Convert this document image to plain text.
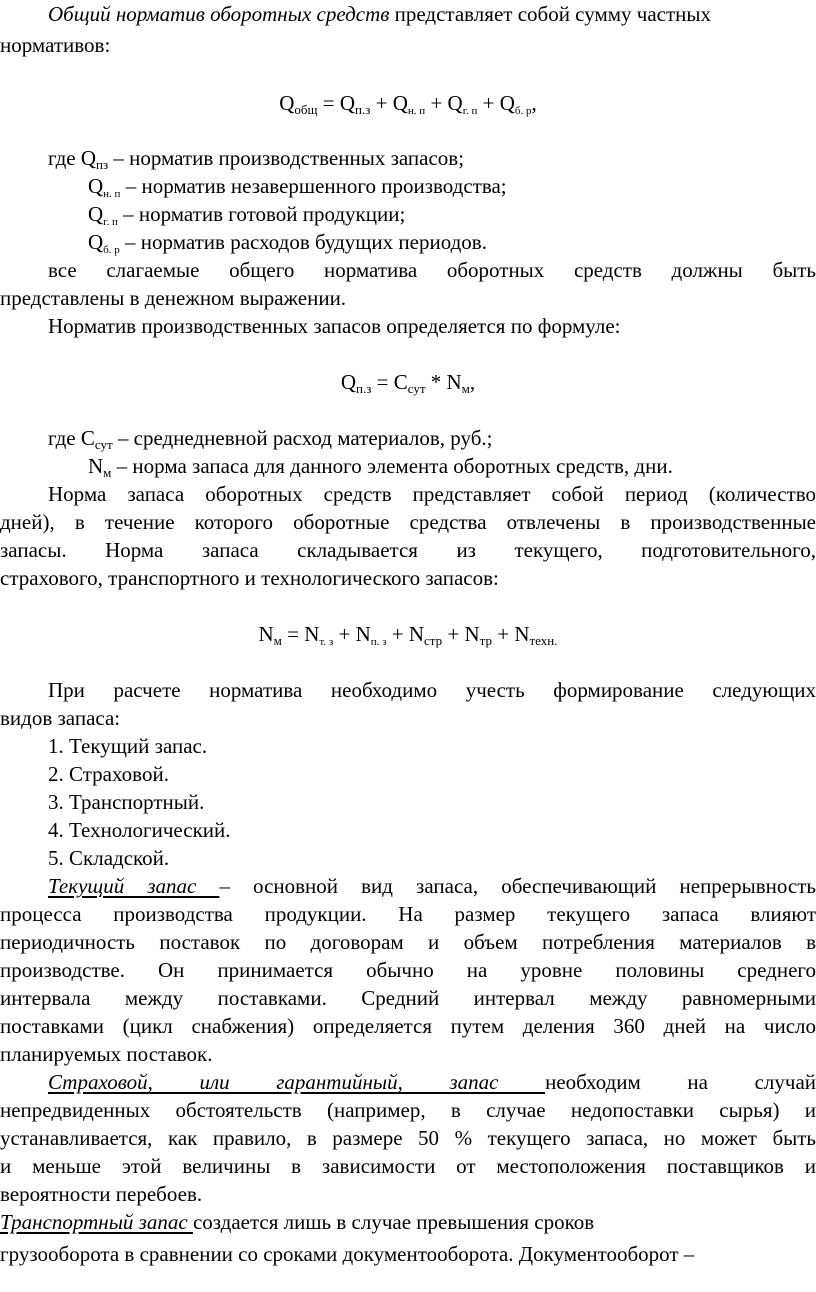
Общий норматив оборотных средств представляет собой сумму частных
нормативов:
$Q_{общ} = Q_{п.з}$ + Qн. п + Qг. п + Qб. р,
где $Q_{пз}$ – норматив производственных запасов;
Qн. п – норматив незавершенного производства;
Qг. п – норматив готовой продукции;
Qб. р – норматив расходов будущих периодов.
все слагаемые общего норматива оборотных средств должны быть
представлены в денежном выражении.
Норматив производственных запасов определяется по формуле:
$Q_{п.з} = С_{сут} * N_м$,
где $С_{сут}$ – среднедневной расход материалов, руб.;
$N_м$ – норма запаса для данного элемента оборотных средств, дни.
Норма запаса оборотных средств представляет собой период (количество
дней), в течение которого оборотные средства отвлечены в производственные
запасы. Норма запаса складывается из текущего, подготовительного,
страхового, транспортного и технологического запасов:
$N_м$ = Nт. з + Nп. $з + N_{стр} + N_{тр} + N_{техн.}$
При расчете норматива необходимо учесть формирование следующих
видов запаса:
1. Текущий запас.
2. Страховой.
3. Транспортный.
4. Технологический.
5. Складской.
Текущий запас – основной вид запаса, обеспечивающий непрерывность
процесса производства продукции. На размер текущего запаса влияют
периодичность поставок по договорам и объем потребления материалов в
производстве. Он принимается обычно на уровне половины среднего
интервала между поставками. Средний интервал между равномерными
поставками (цикл снабжения) определяется путем деления 360 дней на число
планируемых поставок.
Страховой, или гарантийный, запас необходим на случай
непредвиденных обстоятельств (например, в случае недопоставки сырья) и
устанавливается, как правило, в размере 50 % текущего запаса, но может быть
и меньше этой величины в зависимости от местоположения поставщиков и
вероятности перебоев.
Транспортный запас создается лишь в случае превышения сроков
грузооборота в сравнении со сроками документооборота. Документооборот –
